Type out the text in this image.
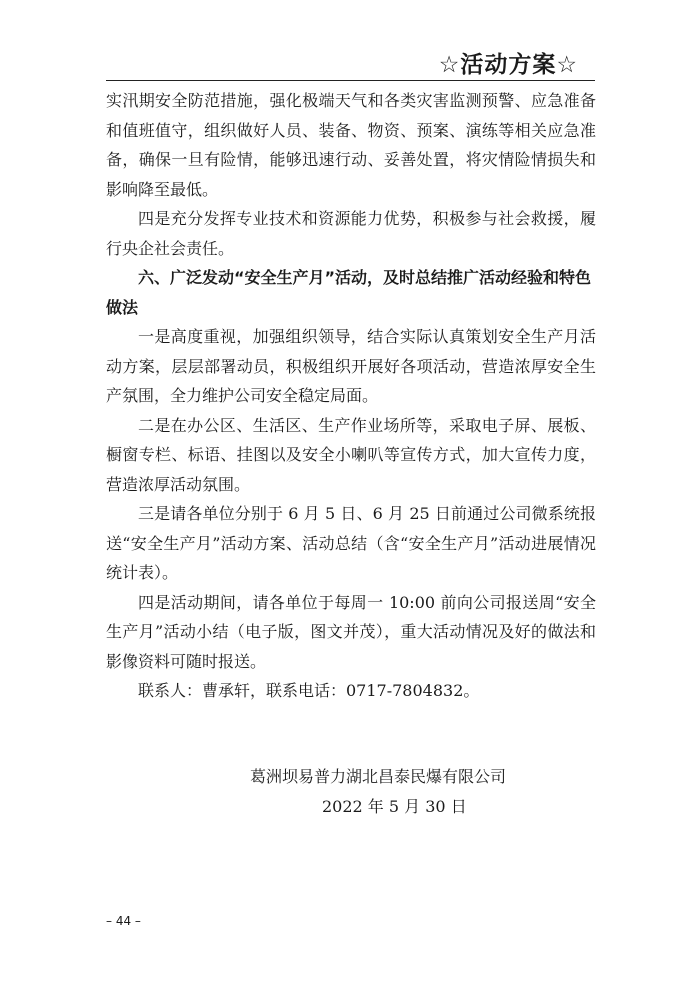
☆活动方案☆

实汛期安全防范措施，强化极端天气和各类灾害监测预警、应急准备和值班值守，组织做好人员、装备、物资、预案、演练等相关应急准备，确保一旦有险情，能够迅速行动、妥善处置，将灾情险情损失和影响降至最低。

四是充分发挥专业技术和资源能力优势，积极参与社会救援，履行央企社会责任。

六、广泛发动“安全生产月”活动，及时总结推广活动经验和特色做法

一是高度重视，加强组织领导，结合实际认真策划安全生产月活动方案，层层部署动员，积极组织开展好各项活动，营造浓厚安全生产氛围，全力维护公司安全稳定局面。

二是在办公区、生活区、生产作业场所等，采取电子屏、展板、橱窗专栏、标语、挂图以及安全小喇叭等宣传方式，加大宣传力度，营造浓厚活动氛围。

三是请各单位分别于 6 月 5 日、6 月 25 日前通过公司微系统报送“安全生产月”活动方案、活动总结（含“安全生产月”活动进展情况统计表）。

四是活动期间，请各单位于每周一 10:00 前向公司报送周“安全生产月”活动小结（电子版，图文并茂），重大活动情况及好的做法和影像资料可随时报送。

联系人：曹承轩，联系电话：0717-7804832。

葛洲坝易普力湖北昌泰民爆有限公司

2022 年 5 月 30 日

– 44 –
